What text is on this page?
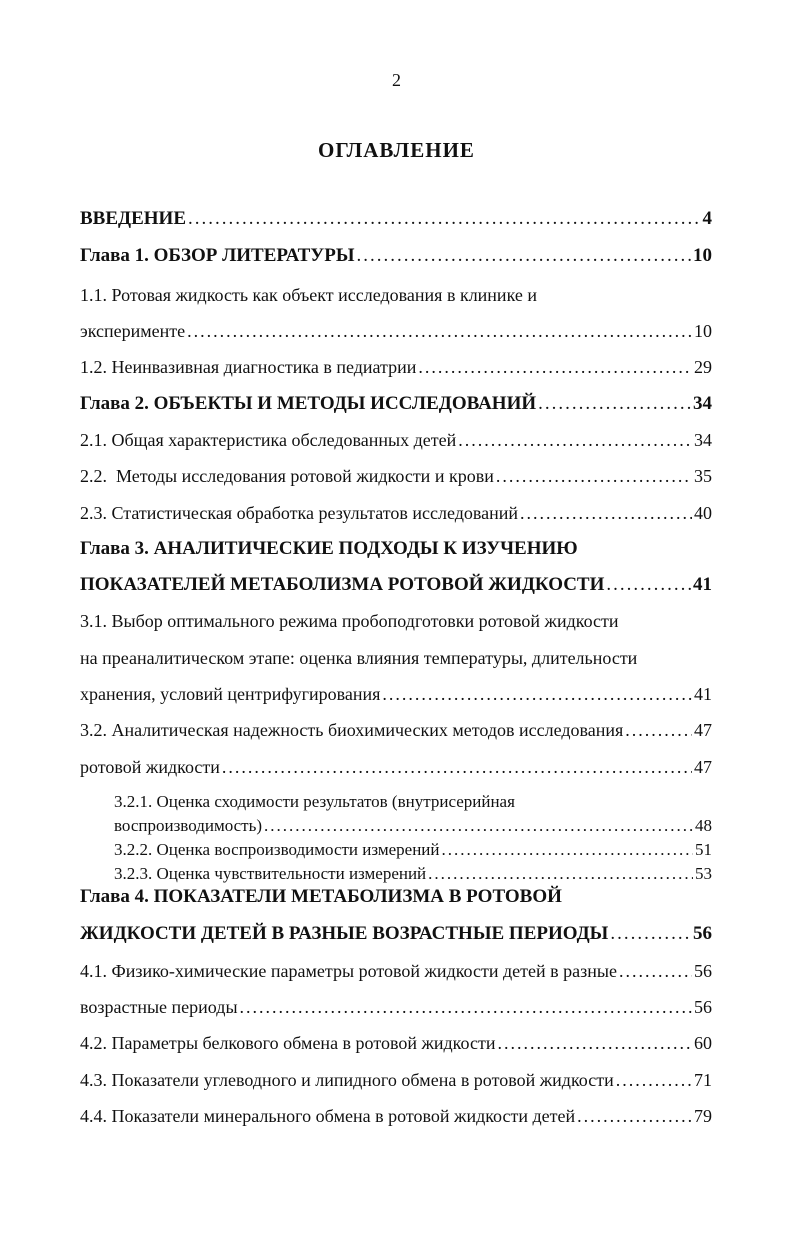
2
ОГЛАВЛЕНИЕ
ВВЕДЕНИЕ .....	4
Глава 1. ОБЗОР ЛИТЕРАТУРЫ .....	10
1.1. Ротовая жидкость как объект исследования в клинике и
эксперименте .....	10
1.2. Неинвазивная диагностика в педиатрии .....	29
Глава 2. ОБЪЕКТЫ И МЕТОДЫ ИССЛЕДОВАНИЙ .....	34
2.1. Общая характеристика обследованных детей .....	34
2.2.  Методы исследования ротовой жидкости и крови .....	35
2.3. Статистическая обработка результатов исследований .....	40
Глава 3. АНАЛИТИЧЕСКИЕ ПОДХОДЫ К ИЗУЧЕНИЮ
ПОКАЗАТЕЛЕЙ МЕТАБОЛИЗМА РОТОВОЙ ЖИДКОСТИ .....	41
3.1. Выбор оптимального режима пробоподготовки ротовой жидкости
на преаналитическом этапе: оценка влияния температуры, длительности
хранения, условий центрифугирования .....	41
3.2. Аналитическая надежность биохимических методов исследования .....	47
ротовой жидкости .....	47
3.2.1. Оценка сходимости результатов (внутрисерийная
воспроизводимость) .....	48
3.2.2. Оценка воспроизводимости измерений .....	51
3.2.3. Оценка чувствительности измерений .....	53
Глава 4. ПОКАЗАТЕЛИ МЕТАБОЛИЗМА В РОТОВОЙ
ЖИДКОСТИ ДЕТЕЙ В РАЗНЫЕ ВОЗРАСТНЫЕ ПЕРИОДЫ .....	56
4.1. Физико-химические параметры ротовой жидкости детей в разные .....	56
возрастные периоды .....	56
4.2. Параметры белкового обмена в ротовой жидкости .....	60
4.3. Показатели углеводного и липидного обмена в ротовой жидкости .....	71
4.4. Показатели минерального обмена в ротовой жидкости детей .....	79
